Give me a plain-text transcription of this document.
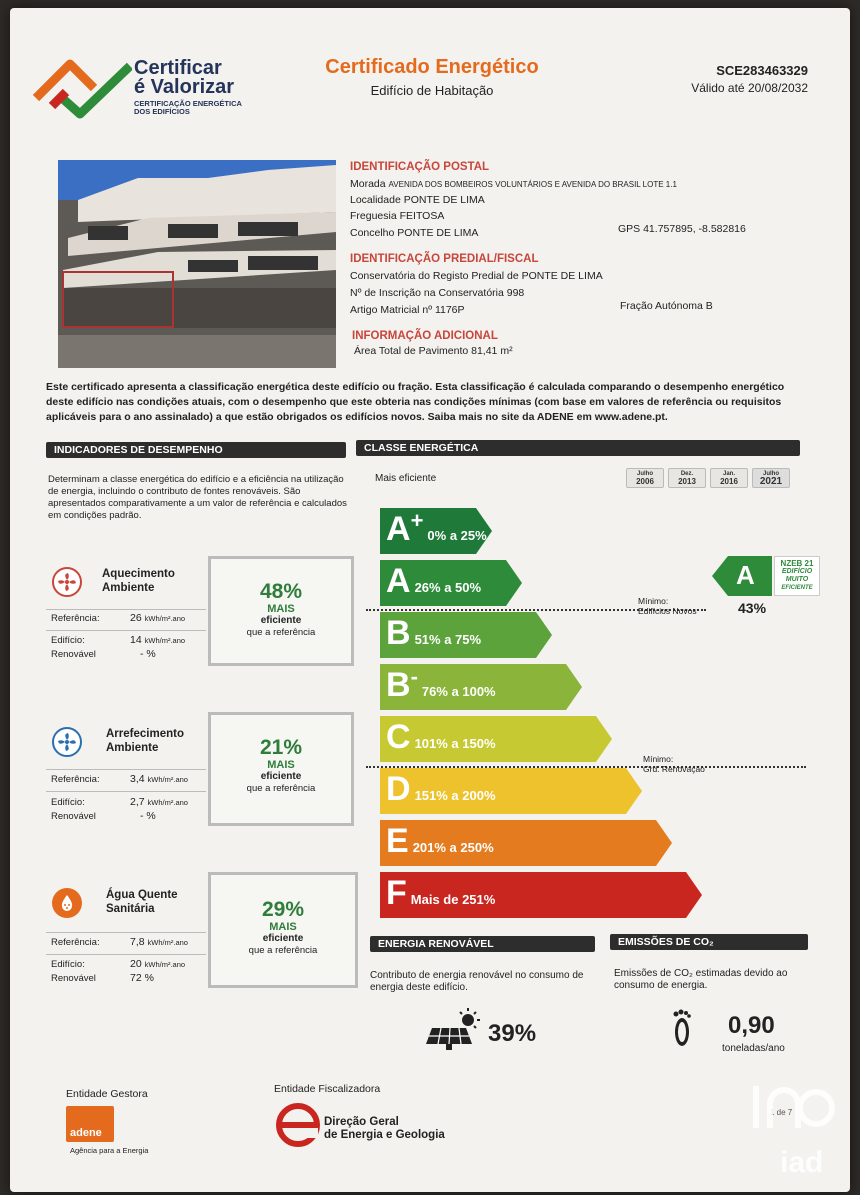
Certificar
é Valorizar
CERTIFICAÇÃO ENERGÉTICA
DOS EDIFÍCIOS
Certificado Energético
Edifício de Habitação
SCE283463329
Válido até 20/08/2032
IDENTIFICAÇÃO POSTAL
Morada AVENIDA DOS BOMBEIROS VOLUNTÁRIOS E AVENIDA DO BRASIL LOTE 1.1
Localidade PONTE DE LIMA
Freguesia FEITOSA
Concelho PONTE DE LIMA	GPS 41.757895, -8.582816
IDENTIFICAÇÃO PREDIAL/FISCAL
Conservatória do Registo Predial de PONTE DE LIMA
Nº de Inscrição na Conservatória 998
Artigo Matricial nº 1176P	Fração Autónoma B
INFORMAÇÃO ADICIONAL
Área Total de Pavimento 81,41 m²
Este certificado apresenta a classificação energética deste edifício ou fração. Esta classificação é calculada comparando o desempenho energético deste edifício nas condições atuais, com o desempenho que este obteria nas condições mínimas (com base em valores de referência ou requisitos aplicáveis para o ano assinalado) a que estão obrigados os edifícios novos. Saiba mais no site da ADENE em www.adene.pt.
INDICADORES DE DESEMPENHO	CLASSE ENERGÉTICA
Determinam a classe energética do edifício e a eficiência na utilização de energia, incluindo o contributo de fontes renováveis. São apresentados comparativamente a um valor de referência e calculados em condições padrão.
Aquecimento
Ambiente
Referência:	26 kWh/m².ano
Edifício:	14 kWh/m².ano
Renovável	- %
48%
MAIS
eficiente
que a referência
Arrefecimento
Ambiente
Referência:	3,4 kWh/m².ano
Edifício:	2,7 kWh/m².ano
Renovável	- %
21%
MAIS
eficiente
que a referência
Água Quente
Sanitária
Referência:	7,8 kWh/m².ano
Edifício:	20 kWh/m².ano
Renovável	72 %
29%
MAIS
eficiente
que a referência
Mais eficiente	Julho
2006
Dez.
2013
Jan.
2016
Julho
2021
A +
0% a 25%
A 26% a 50%
B 51% a 75%
B -
76% a 100%
C 101% a 150%
D 151% a 200%
E 201% a 250%
F Mais de 251%
Mínimo:
Edifícios Novos
Mínimo:
Grd. Renovação
A	NZEB 21
EDIFÍCIO
MUITO
EFICIENTE
43%
ENERGIA RENOVÁVEL	EMISSÕES DE CO₂
Contributo de energia renovável no consumo de energia deste edifício.
Emissões de CO₂ estimadas devido ao consumo de energia.
39%	0,90
toneladas/ano
Entidade Gestora
adene
Agência para a Energia
Entidade Fiscalizadora
Direção Geral
de Energia e Geologia
1 de 7
iad
